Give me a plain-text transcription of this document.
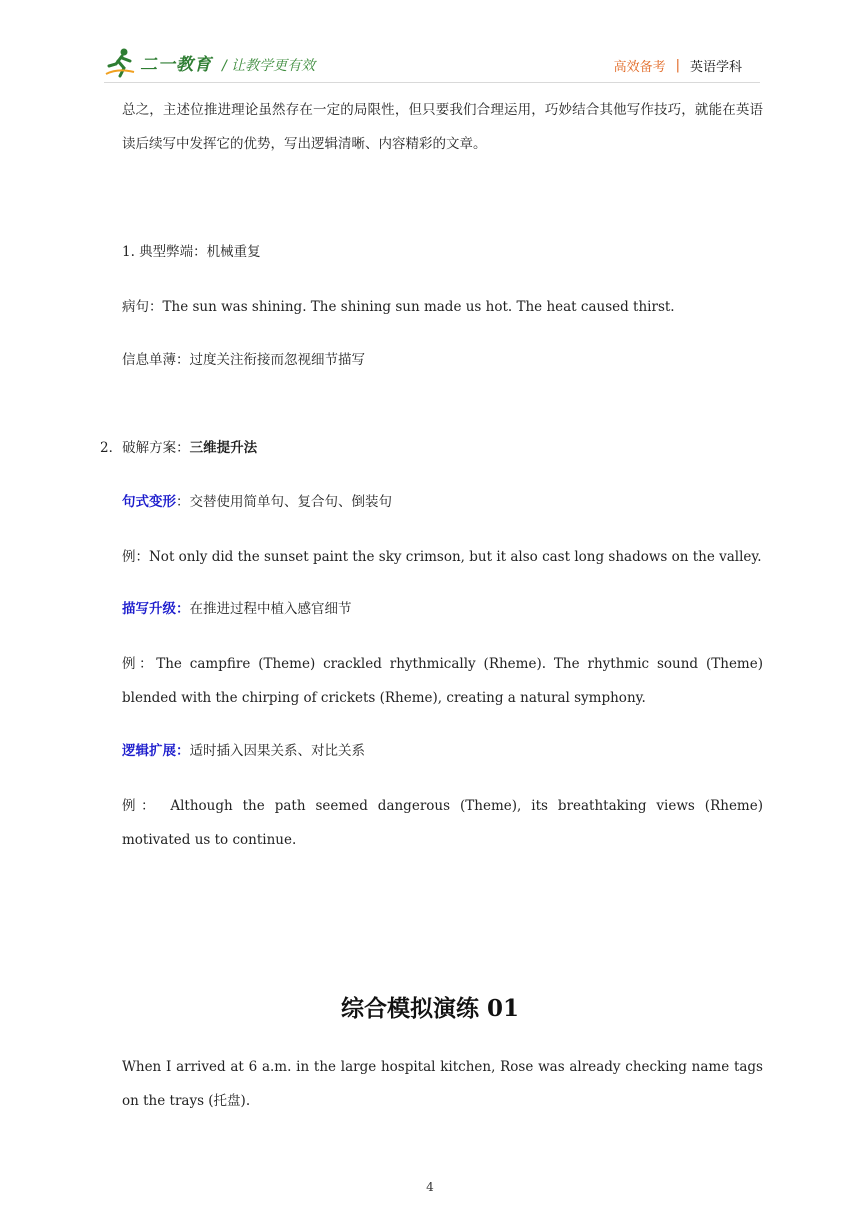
二一教育 / 让教学更有效	高效备考 | 英语学科
总之，主述位推进理论虽然存在一定的局限性，但只要我们合理运用，巧妙结合其他写作技巧，就能在英语读后续写中发挥它的优势，写出逻辑清晰、内容精彩的文章。
1. 典型弊端：机械重复
病句：The sun was shining. The shining sun made us hot. The heat caused thirst.
信息单薄：过度关注衔接而忽视细节描写
2．破解方案：三维提升法
句式变形：交替使用简单句、复合句、倒装句
例：Not only did the sunset paint the sky crimson, but it also cast long shadows on the valley.
描写升级：在推进过程中植入感官细节
例：The campfire (Theme) crackled rhythmically (Rheme). The rhythmic sound (Theme) blended with the chirping of crickets (Rheme), creating a natural symphony.
逻辑扩展：适时插入因果关系、对比关系
例： Although the path seemed dangerous (Theme), its breathtaking views (Rheme) motivated us to continue.
综合模拟演练 01
When I arrived at 6 a.m. in the large hospital kitchen, Rose was already checking name tags on the trays (托盘).
4
